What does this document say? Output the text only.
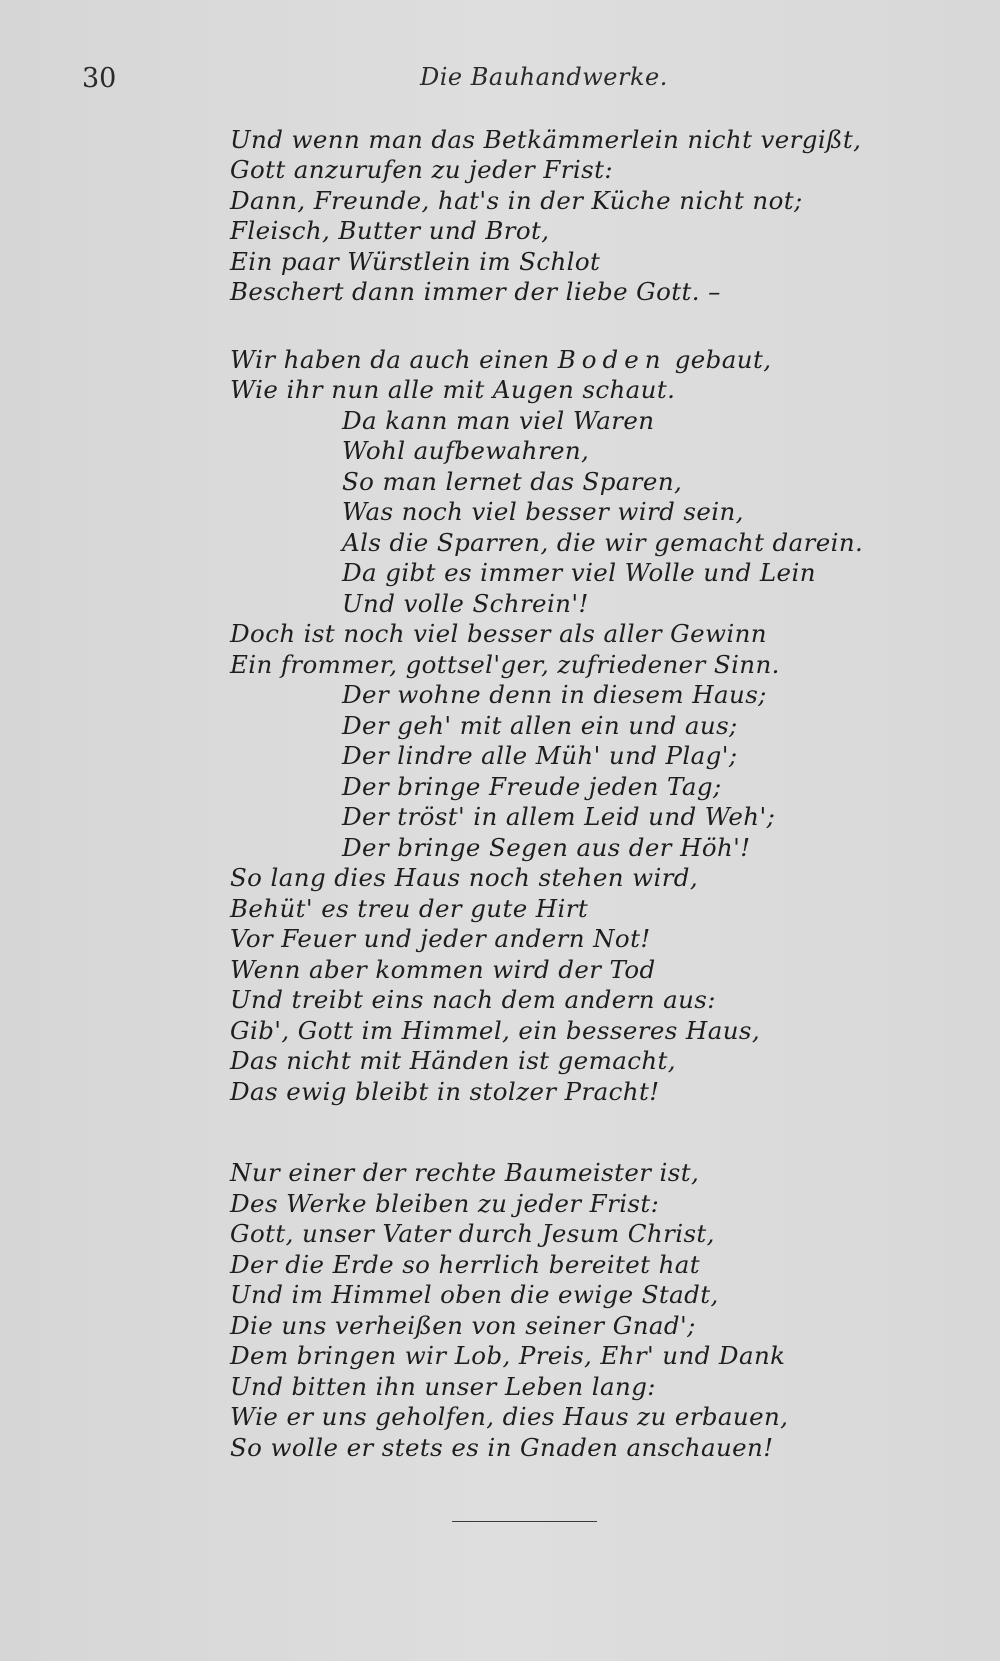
30	Die Bauhandwerke.
Und wenn man das Betkämmerlein nicht vergißt,
Gott anzurufen zu jeder Frist:
Dann, Freunde, hat's in der Küche nicht not;
Fleisch, Butter und Brot,
Ein paar Würstlein im Schlot
Beschert dann immer der liebe Gott. –
Wir haben da auch einen Boden gebaut,
Wie ihr nun alle mit Augen schaut.
Da kann man viel Waren
Wohl aufbewahren,
So man lernet das Sparen,
Was noch viel besser wird sein,
Als die Sparren, die wir gemacht darein.
Da gibt es immer viel Wolle und Lein
Und volle Schrein'!
Doch ist noch viel besser als aller Gewinn
Ein frommer, gottsel'ger, zufriedener Sinn.
Der wohne denn in diesem Haus;
Der geh' mit allen ein und aus;
Der lindre alle Müh' und Plag';
Der bringe Freude jeden Tag;
Der tröst' in allem Leid und Weh';
Der bringe Segen aus der Höh'!
So lang dies Haus noch stehen wird,
Behüt' es treu der gute Hirt
Vor Feuer und jeder andern Not!
Wenn aber kommen wird der Tod
Und treibt eins nach dem andern aus:
Gib', Gott im Himmel, ein besseres Haus,
Das nicht mit Händen ist gemacht,
Das ewig bleibt in stolzer Pracht!
Nur einer der rechte Baumeister ist,
Des Werke bleiben zu jeder Frist:
Gott, unser Vater durch Jesum Christ,
Der die Erde so herrlich bereitet hat
Und im Himmel oben die ewige Stadt,
Die uns verheißen von seiner Gnad';
Dem bringen wir Lob, Preis, Ehr' und Dank
Und bitten ihn unser Leben lang:
Wie er uns geholfen, dies Haus zu erbauen,
So wolle er stets es in Gnaden anschauen!
